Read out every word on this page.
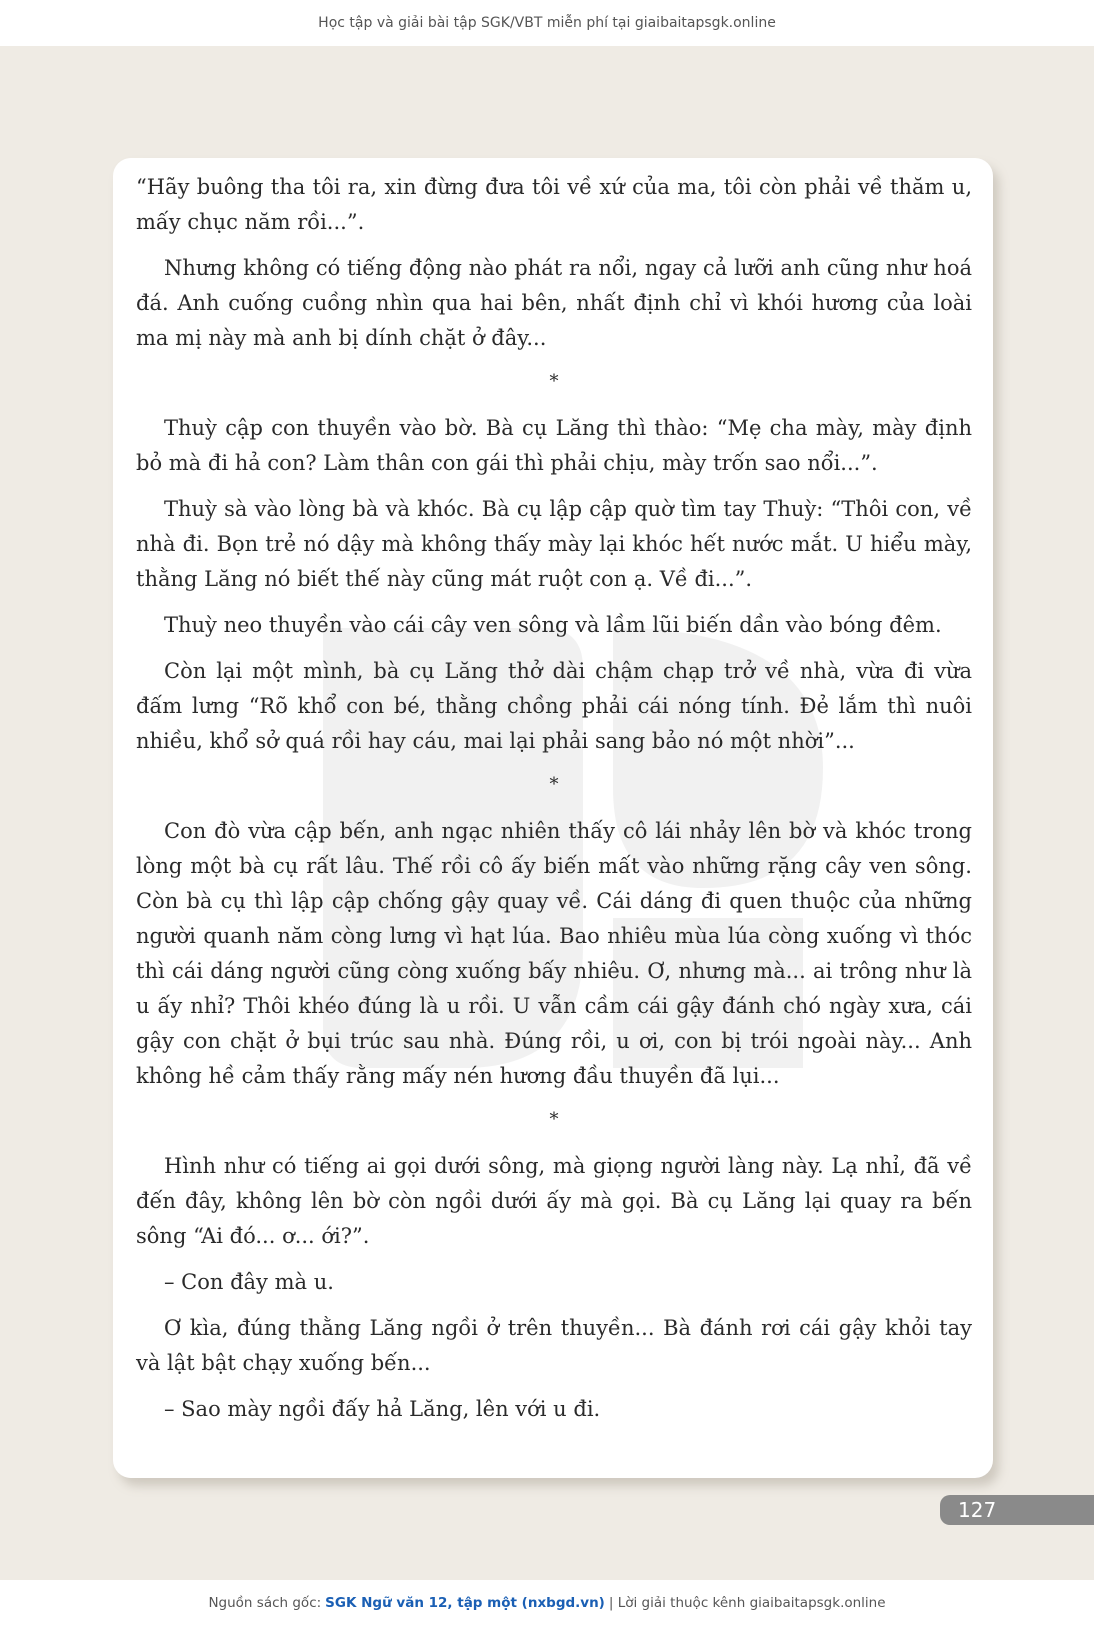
Học tập và giải bài tập SGK/VBT miễn phí tại giaibaitapsgk.online

“Hãy buông tha tôi ra, xin đừng đưa tôi về xứ của ma, tôi còn phải về thăm u, mấy chục năm rồi...”.

Nhưng không có tiếng động nào phát ra nổi, ngay cả lưỡi anh cũng như hoá đá. Anh cuống cuồng nhìn qua hai bên, nhất định chỉ vì khói hương của loài ma mị này mà anh bị dính chặt ở đây...

*

Thuỳ cập con thuyền vào bờ. Bà cụ Lăng thì thào: “Mẹ cha mày, mày định bỏ mà đi hả con? Làm thân con gái thì phải chịu, mày trốn sao nổi...”.

Thuỳ sà vào lòng bà và khóc. Bà cụ lập cập quờ tìm tay Thuỳ: “Thôi con, về nhà đi. Bọn trẻ nó dậy mà không thấy mày lại khóc hết nước mắt. U hiểu mày, thằng Lăng nó biết thế này cũng mát ruột con ạ. Về đi...”.

Thuỳ neo thuyền vào cái cây ven sông và lầm lũi biến dần vào bóng đêm.

Còn lại một mình, bà cụ Lăng thở dài chậm chạp trở về nhà, vừa đi vừa đấm lưng “Rõ khổ con bé, thằng chồng phải cái nóng tính. Đẻ lắm thì nuôi nhiều, khổ sở quá rồi hay cáu, mai lại phải sang bảo nó một nhời”...

*

Con đò vừa cập bến, anh ngạc nhiên thấy cô lái nhảy lên bờ và khóc trong lòng một bà cụ rất lâu. Thế rồi cô ấy biến mất vào những rặng cây ven sông. Còn bà cụ thì lập cập chống gậy quay về. Cái dáng đi quen thuộc của những người quanh năm còng lưng vì hạt lúa. Bao nhiêu mùa lúa còng xuống vì thóc thì cái dáng người cũng còng xuống bấy nhiêu. Ơ, nhưng mà... ai trông như là u ấy nhỉ? Thôi khéo đúng là u rồi. U vẫn cầm cái gậy đánh chó ngày xưa, cái gậy con chặt ở bụi trúc sau nhà. Đúng rồi, u ơi, con bị trói ngoài này... Anh không hề cảm thấy rằng mấy nén hương đầu thuyền đã lụi...

*

Hình như có tiếng ai gọi dưới sông, mà giọng người làng này. Lạ nhỉ, đã về đến đây, không lên bờ còn ngồi dưới ấy mà gọi. Bà cụ Lăng lại quay ra bến sông “Ai đó... ơ... ới?”.

– Con đây mà u.

Ơ kìa, đúng thằng Lăng ngồi ở trên thuyền... Bà đánh rơi cái gậy khỏi tay và lật bật chạy xuống bến...

– Sao mày ngồi đấy hả Lăng, lên với u đi.

127
Nguồn sách gốc: SGK Ngữ văn 12, tập một (nxbgd.vn) | Lời giải thuộc kênh giaibaitapsgk.online
